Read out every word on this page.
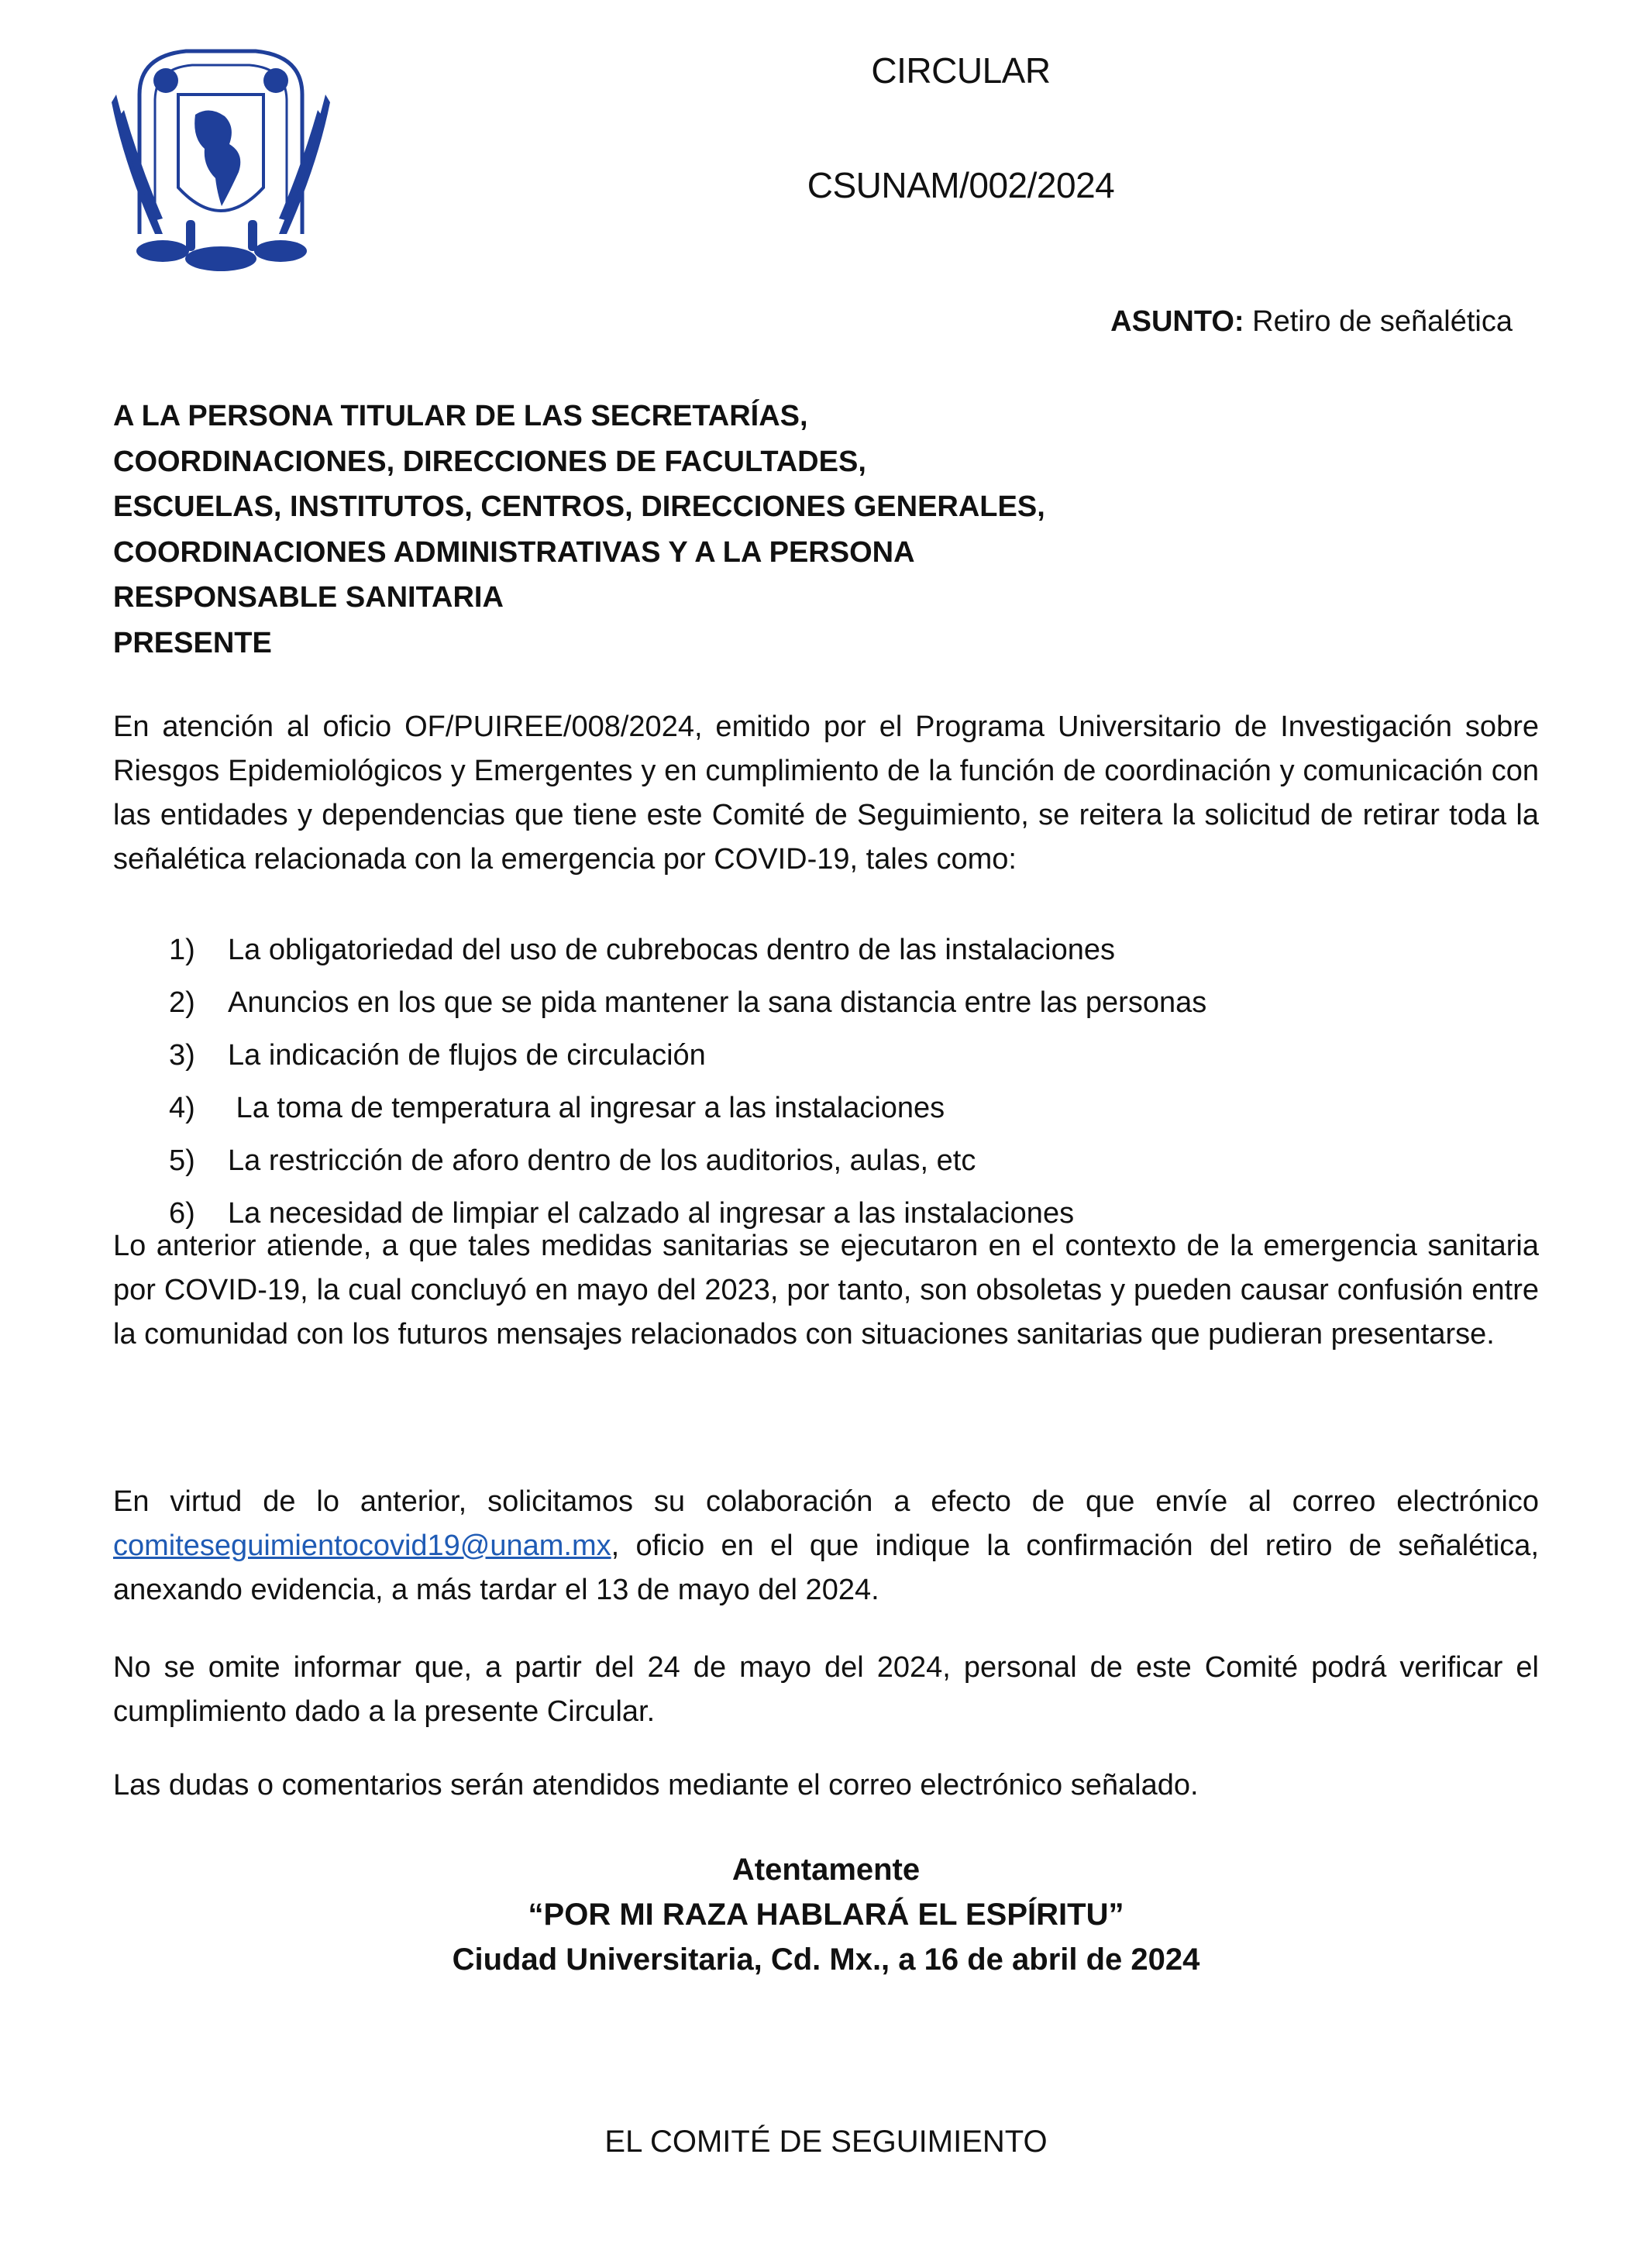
CIRCULAR
CSUNAM/002/2024
ASUNTO: Retiro de señalética
A LA PERSONA TITULAR DE LAS SECRETARÍAS,
COORDINACIONES, DIRECCIONES DE FACULTADES,
ESCUELAS, INSTITUTOS, CENTROS, DIRECCIONES GENERALES,
COORDINACIONES ADMINISTRATIVAS Y A LA PERSONA
RESPONSABLE SANITARIA
PRESENTE
En atención al oficio OF/PUIREE/008/2024, emitido por el Programa Universitario de Investigación sobre Riesgos Epidemiológicos y Emergentes y en cumplimiento de la función de coordinación y comunicación con las entidades y dependencias que tiene este Comité de Seguimiento, se reitera la solicitud de retirar toda la señalética relacionada con la emergencia por COVID-19, tales como:
1) La obligatoriedad del uso de cubrebocas dentro de las instalaciones
2) Anuncios en los que se pida mantener la sana distancia entre las personas
3) La indicación de flujos de circulación
4) La toma de temperatura al ingresar a las instalaciones
5) La restricción de aforo dentro de los auditorios, aulas, etc
6) La necesidad de limpiar el calzado al ingresar a las instalaciones
Lo anterior atiende, a que tales medidas sanitarias se ejecutaron en el contexto de la emergencia sanitaria por COVID-19, la cual concluyó en mayo del 2023, por tanto, son obsoletas y pueden causar confusión entre la comunidad con los futuros mensajes relacionados con situaciones sanitarias que pudieran presentarse.
En virtud de lo anterior, solicitamos su colaboración a efecto de que envíe al correo electrónico comiteseguimientocovid19@unam.mx, oficio en el que indique la confirmación del retiro de señalética, anexando evidencia, a más tardar el 13 de mayo del 2024.
No se omite informar que, a partir del 24 de mayo del 2024, personal de este Comité podrá verificar el cumplimiento dado a la presente Circular.
Las dudas o comentarios serán atendidos mediante el correo electrónico señalado.
Atentamente
“POR MI RAZA HABLARÁ EL ESPÍRITU”
Ciudad Universitaria, Cd. Mx., a 16 de abril de 2024
EL COMITÉ DE SEGUIMIENTO
